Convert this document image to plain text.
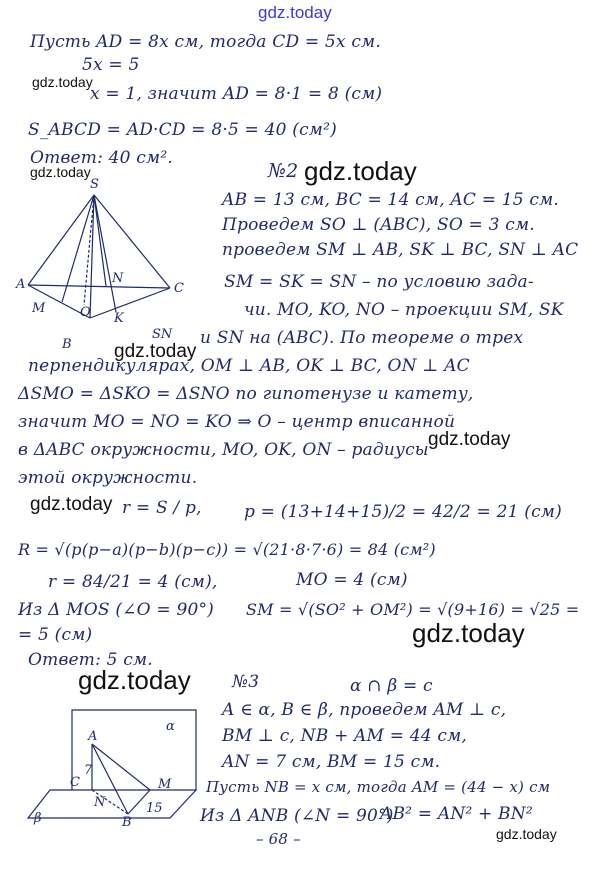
gdz.today
gdz.today
gdz.today	gdz.today
gdz.today
gdz.today
gdz.today
gdz.today
gdz.today
gdz.today
Пусть AD = 8x см, тогда CD = 5x см.
5x = 5
x = 1, значит AD = 8·1 = 8 (см)
S_ABCD = AD·CD = 8·5 = 40 (см²)
Ответ: 40 см².
№2
AB = 13 см, BC = 14 см, AC = 15 см.
Проведем SO ⊥ (ABC), SO = 3 см.
проведем SM ⊥ AB, SK ⊥ BC, SN ⊥ AC
SM = SK = SN – по условию зада-
чи. MO, KO, NO – проекции SM, SK
и SN на (ABC). По теореме о трех
перпендикулярах, OM ⊥ AB, OK ⊥ BC, ON ⊥ AC
ΔSMO = ΔSKO = ΔSNO по гипотенузе и катету,
значит MO = NO = KO ⇒ O – центр вписанной
в ΔABC окружности, MO, OK, ON – радиусы
этой окружности.
r = S / p, p = (13+14+15)/2 = 42/2 = 21 (см)
R = √(p(p−a)(p−b)(p−c)) = √(21·8·7·6) = 84 (см²)
r = 84/21 = 4 (см),	MO = 4 (см)
Из Δ MOS (∠O = 90°) SM = √(SO² + OM²) = √(9+16) = √25 =
= 5 (см)
Ответ: 5 см.
№3	α ∩ β = c
A ∈ α, B ∈ β, проведем AM ⊥ c,
BM ⊥ c, NB + AM = 44 см,
AN = 7 см, BM = 15 см.
Пусть NB = x см, тогда AM = (44 − x) см
Из Δ ANB (∠N = 90°)
AB² = AN² + BN²
– 68 –
S
A
M	O
N
K
C
B
SN
α
A
7
C
N
M
B
15
β
